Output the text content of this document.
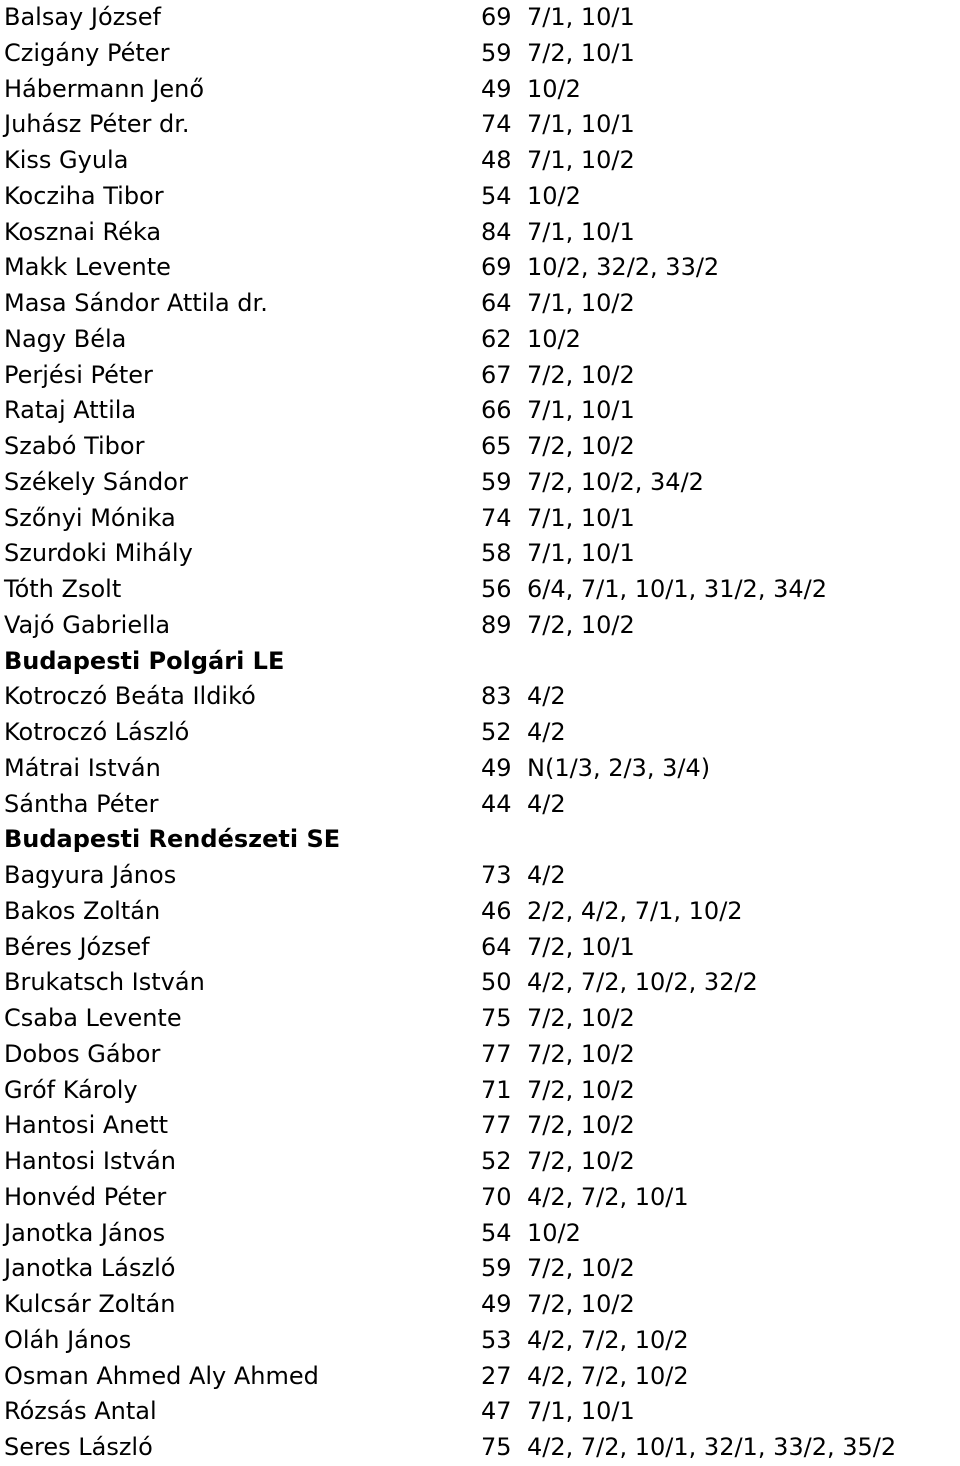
Balsay József	69 7/1, 10/1
Czigány Péter	59 7/2, 10/1
Hábermann Jenő	49 10/2
Juhász Péter dr.	74 7/1, 10/1
Kiss Gyula	48 7/1, 10/2
Kocziha Tibor	54 10/2
Kosznai Réka	84 7/1, 10/1
Makk Levente	69 10/2, 32/2, 33/2
Masa Sándor Attila dr.	64 7/1, 10/2
Nagy Béla	62 10/2
Perjési Péter	67 7/2, 10/2
Rataj Attila	66 7/1, 10/1
Szabó Tibor	65 7/2, 10/2
Székely Sándor	59 7/2, 10/2, 34/2
Szőnyi Mónika	74 7/1, 10/1
Szurdoki Mihály	58 7/1, 10/1
Tóth Zsolt	56 6/4, 7/1, 10/1, 31/2, 34/2
Vajó Gabriella	89 7/2, 10/2
Budapesti Polgári LE
Kotroczó Beáta Ildikó	83 4/2
Kotroczó László	52 4/2
Mátrai István	49 N(1/3, 2/3, 3/4)
Sántha Péter	44 4/2
Budapesti Rendészeti SE
Bagyura János	73 4/2
Bakos Zoltán	46 2/2, 4/2, 7/1, 10/2
Béres József	64 7/2, 10/1
Brukatsch István	50 4/2, 7/2, 10/2, 32/2
Csaba Levente	75 7/2, 10/2
Dobos Gábor	77 7/2, 10/2
Gróf Károly	71 7/2, 10/2
Hantosi Anett	77 7/2, 10/2
Hantosi István	52 7/2, 10/2
Honvéd Péter	70 4/2, 7/2, 10/1
Janotka János	54 10/2
Janotka László	59 7/2, 10/2
Kulcsár Zoltán	49 7/2, 10/2
Oláh János	53 4/2, 7/2, 10/2
Osman Ahmed Aly Ahmed	27 4/2, 7/2, 10/2
Rózsás Antal	47 7/1, 10/1
Seres László	75 4/2, 7/2, 10/1, 32/1, 33/2, 35/2
